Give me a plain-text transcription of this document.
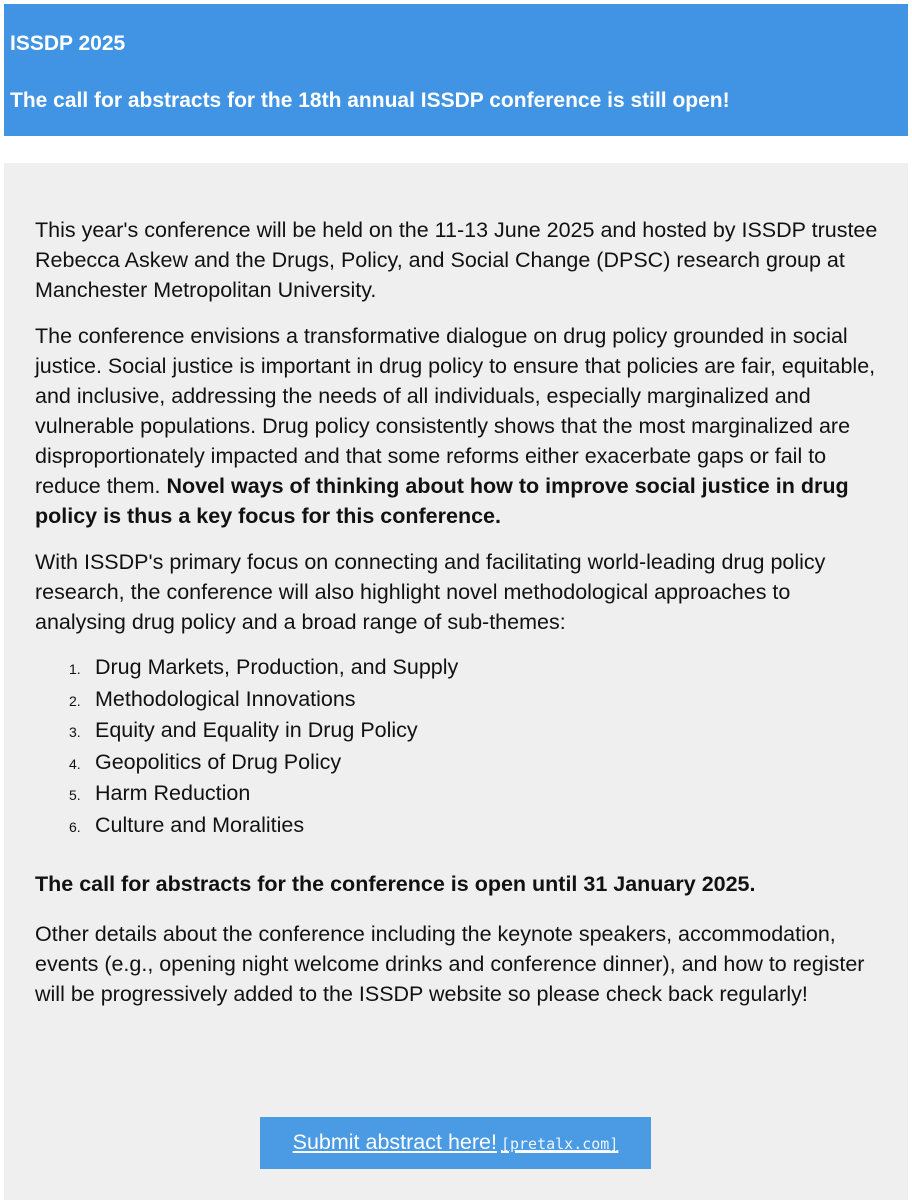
ISSDP 2025
The call for abstracts for the 18th annual ISSDP conference is still open!

This year's conference will be held on the 11-13 June 2025 and hosted by ISSDP trustee Rebecca Askew and the Drugs, Policy, and Social Change (DPSC) research group at Manchester Metropolitan University.

The conference envisions a transformative dialogue on drug policy grounded in social justice. Social justice is important in drug policy to ensure that policies are fair, equitable, and inclusive, addressing the needs of all individuals, especially marginalized and vulnerable populations. Drug policy consistently shows that the most marginalized are disproportionately impacted and that some reforms either exacerbate gaps or fail to reduce them. Novel ways of thinking about how to improve social justice in drug policy is thus a key focus for this conference.

With ISSDP's primary focus on connecting and facilitating world-leading drug policy research, the conference will also highlight novel methodological approaches to analysing drug policy and a broad range of sub-themes:

1. Drug Markets, Production, and Supply
2. Methodological Innovations
3. Equity and Equality in Drug Policy
4. Geopolitics of Drug Policy
5. Harm Reduction
6. Culture and Moralities

The call for abstracts for the conference is open until 31 January 2025.

Other details about the conference including the keynote speakers, accommodation, events (e.g., opening night welcome drinks and conference dinner), and how to register will be progressively added to the ISSDP website so please check back regularly!

Submit abstract here! [pretalx.com]
